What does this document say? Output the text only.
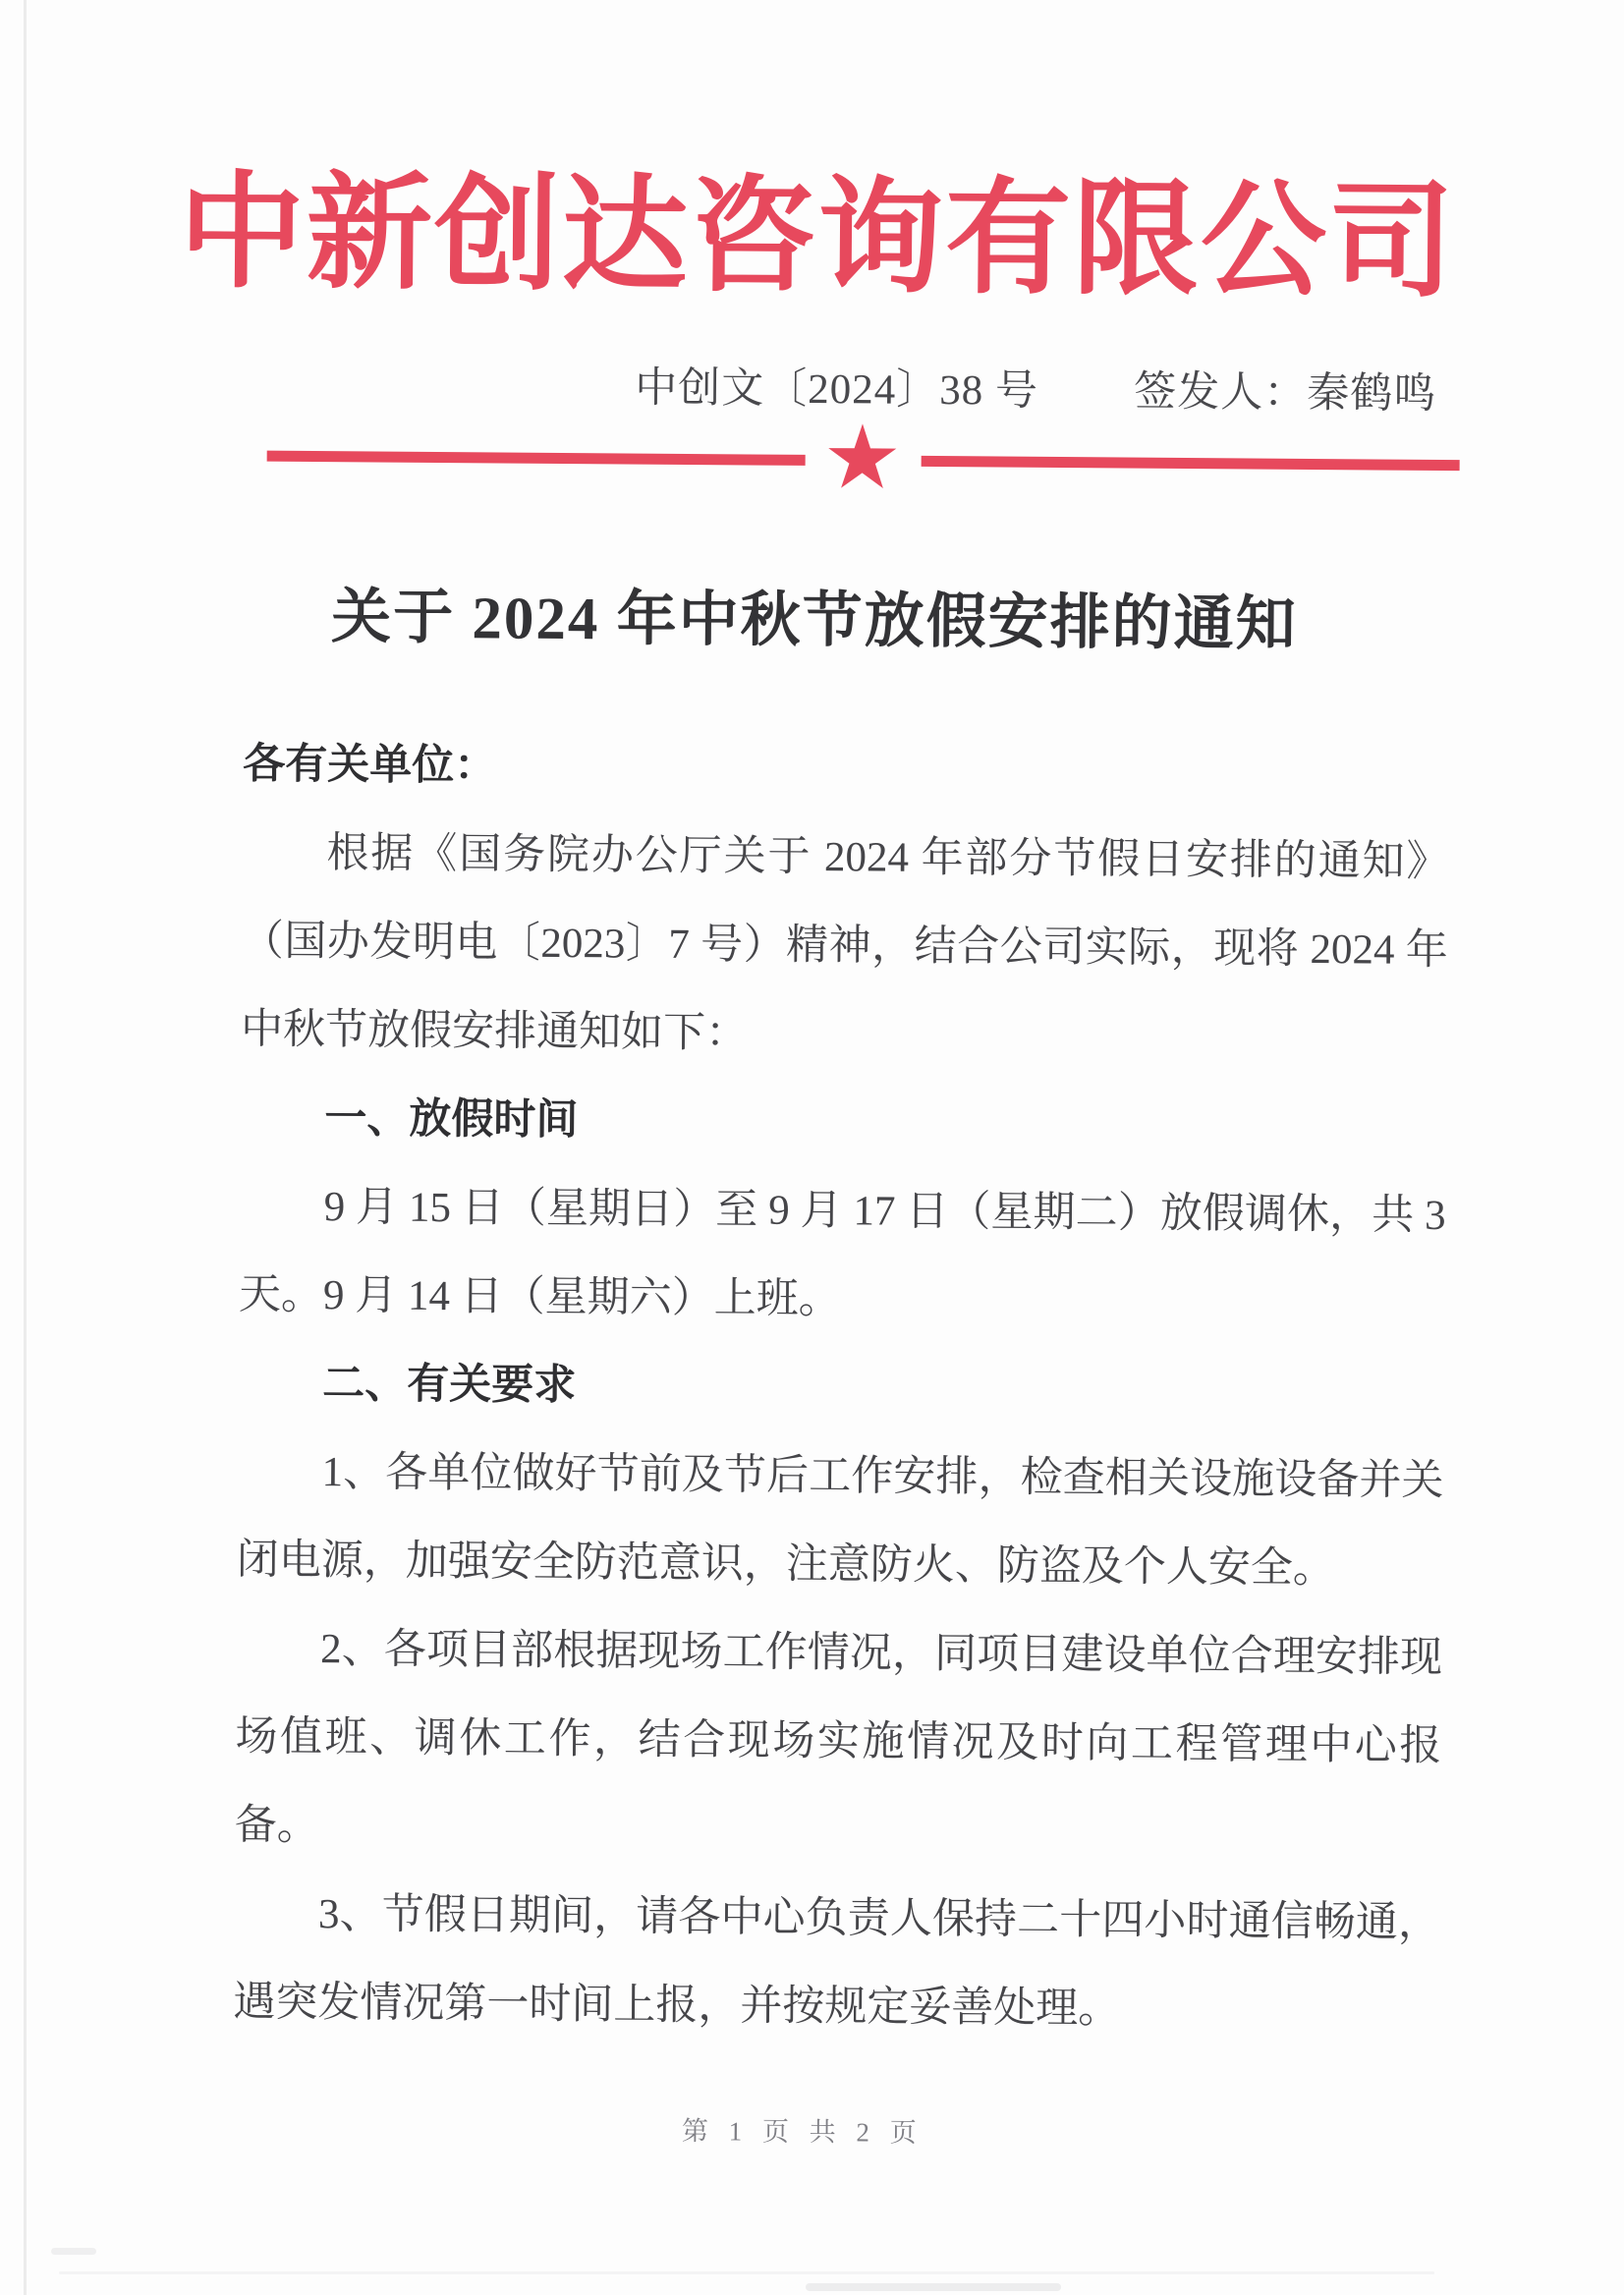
中新创达咨询有限公司
中创文〔2024〕38 号 签发人：秦鹤鸣
★
关于 2024 年中秋节放假安排的通知

各有关单位：

根据《国务院办公厅关于 2024 年部分节假日安排的通知》（国办发明电〔2023〕7 号）精神，结合公司实际，现将 2024 年中秋节放假安排通知如下：

一、放假时间

9 月 15 日（星期日）至 9 月 17 日（星期二）放假调休，共 3 天。9 月 14 日（星期六）上班。

二、有关要求

1、各单位做好节前及节后工作安排，检查相关设施设备并关闭电源，加强安全防范意识，注意防火、防盗及个人安全。

2、各项目部根据现场工作情况，同项目建设单位合理安排现场值班、调休工作，结合现场实施情况及时向工程管理中心报备。

3、节假日期间，请各中心负责人保持二十四小时通信畅通，遇突发情况第一时间上报，并按规定妥善处理。

第 1 页 共 2 页
